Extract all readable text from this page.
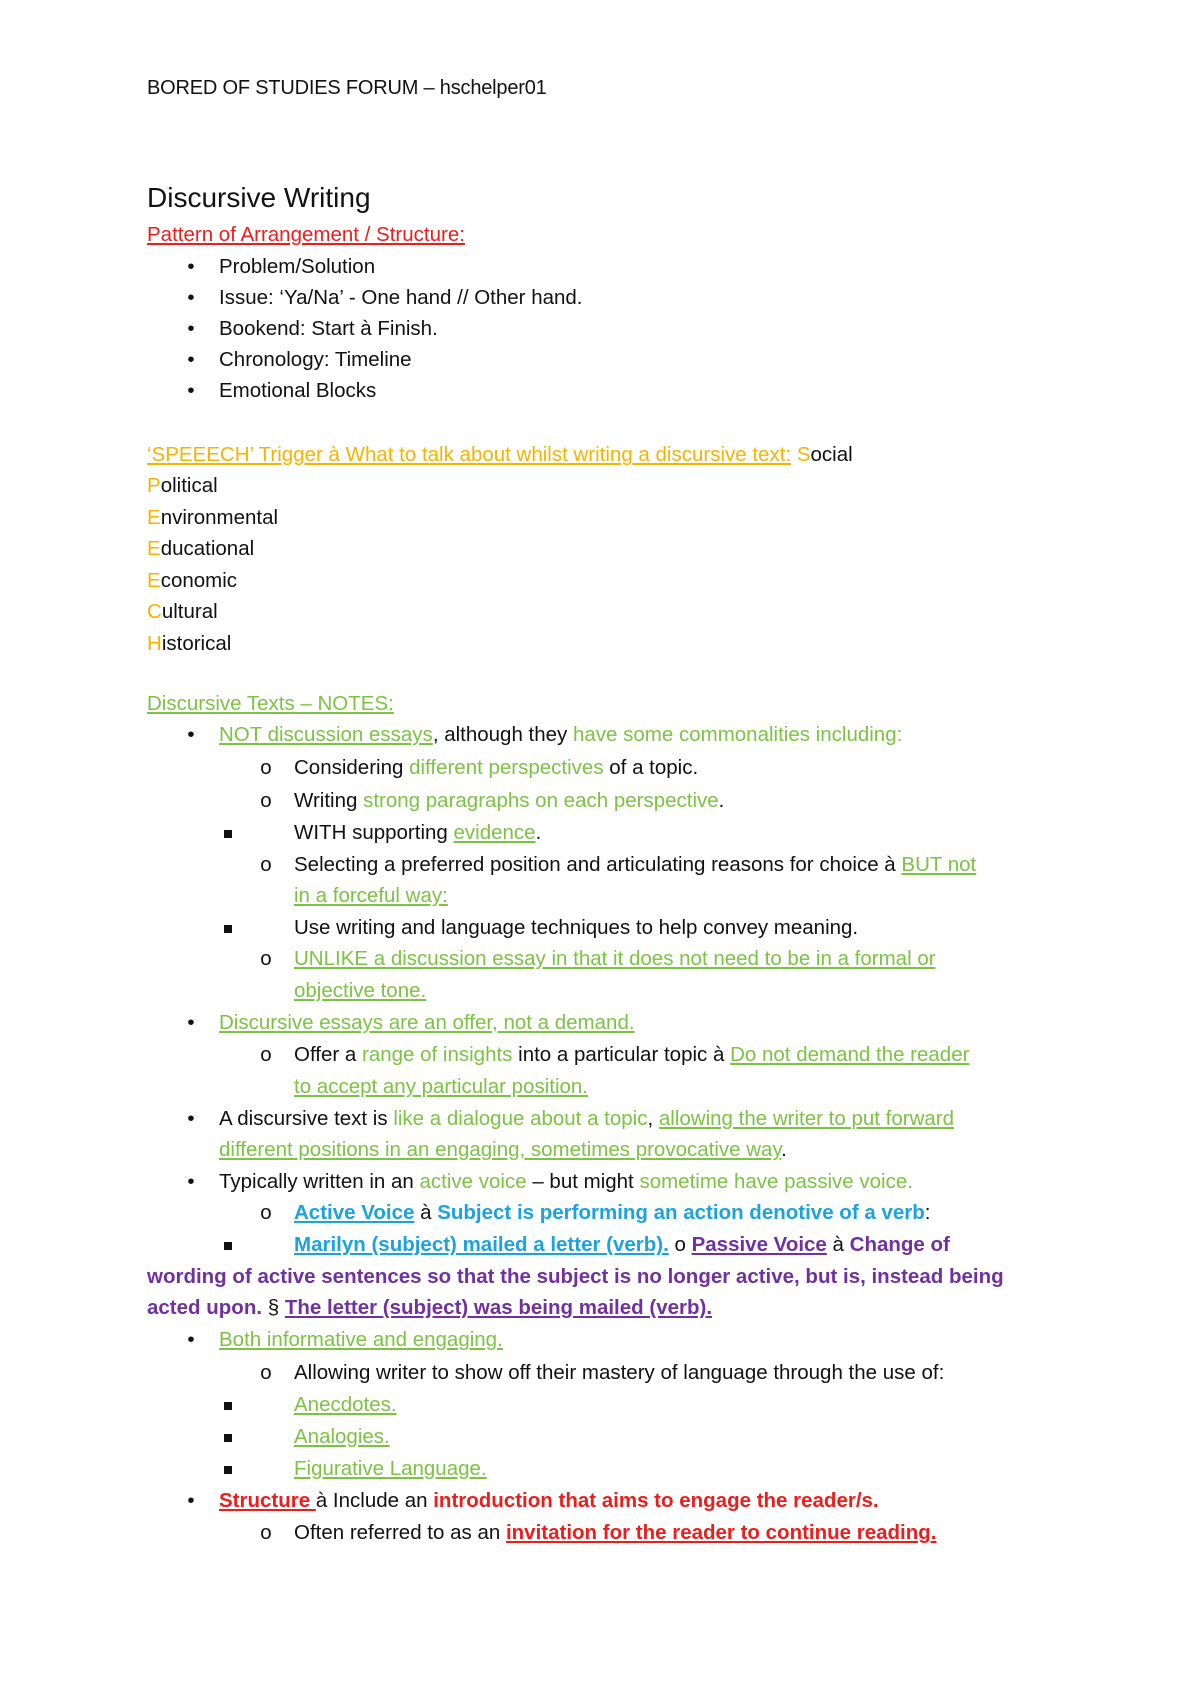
BORED OF STUDIES FORUM – hschelper01
Discursive Writing
Pattern of Arrangement / Structure:
•	Problem/Solution
•	Issue: ‘Ya/Na’ - One hand // Other hand.
•	Bookend: Start à Finish.
•	Chronology: Timeline
•	Emotional Blocks
‘SPEEECH’ Trigger à What to talk about whilst writing a discursive text: Social
Political
Environmental
Educational
Economic
Cultural
Historical
Discursive Texts – NOTES:
•	NOT discussion essays, although they have some commonalities including:
o	Considering different perspectives of a topic.
o	Writing strong paragraphs on each perspective.
WITH supporting evidence.
o	Selecting a preferred position and articulating reasons for choice à BUT not
in a forceful way:
Use writing and language techniques to help convey meaning.
o	UNLIKE a discussion essay in that it does not need to be in a formal or
objective tone.
•	Discursive essays are an offer, not a demand.
o	Offer a range of insights into a particular topic à Do not demand the reader
to accept any particular position.
•	A discursive text is like a dialogue about a topic, allowing the writer to put forward
different positions in an engaging, sometimes provocative way.
•	Typically written in an active voice – but might sometime have passive voice.
o	Active Voice à Subject is performing an action denotive of a verb:
Marilyn (subject) mailed a letter (verb). o Passive Voice à Change of
wording of active sentences so that the subject is no longer active, but is, instead being
acted upon. § The letter (subject) was being mailed (verb).
•	Both informative and engaging.
o	Allowing writer to show off their mastery of language through the use of:
Anecdotes.
Analogies.
Figurative Language.
•	Structure à Include an introduction that aims to engage the reader/s.
o	Often referred to as an invitation for the reader to continue reading.
